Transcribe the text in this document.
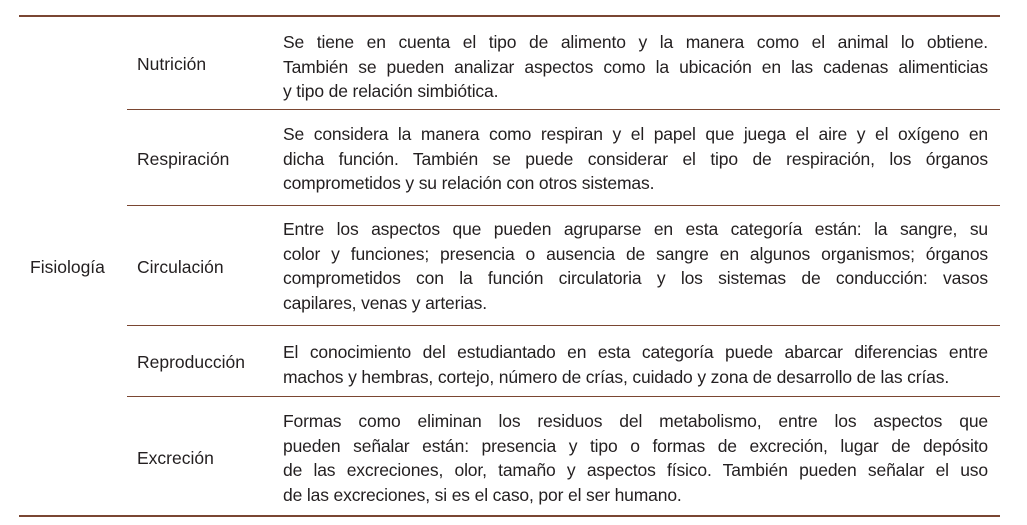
Fisiología
Nutrición
Se tiene en cuenta el tipo de alimento y la manera como el animal lo obtiene.
También se pueden analizar aspectos como la ubicación en las cadenas alimenticias
y tipo de relación simbiótica.
Respiración
Se considera la manera como respiran y el papel que juega el aire y el oxígeno en
dicha función. También se puede considerar el tipo de respiración, los órganos
comprometidos y su relación con otros sistemas.
Circulación
Entre los aspectos que pueden agruparse en esta categoría están: la sangre, su
color y funciones; presencia o ausencia de sangre en algunos organismos; órganos
comprometidos con la función circulatoria y los sistemas de conducción: vasos
capilares, venas y arterias.
Reproducción El conocimiento del estudiantado en esta categoría puede abarcar diferencias entre
machos y hembras, cortejo, número de crías, cuidado y zona de desarrollo de las crías.
Excreción
Formas como eliminan los residuos del metabolismo, entre los aspectos que
pueden señalar están: presencia y tipo o formas de excreción, lugar de depósito
de las excreciones, olor, tamaño y aspectos físico. También pueden señalar el uso
de las excreciones, si es el caso, por el ser humano.
